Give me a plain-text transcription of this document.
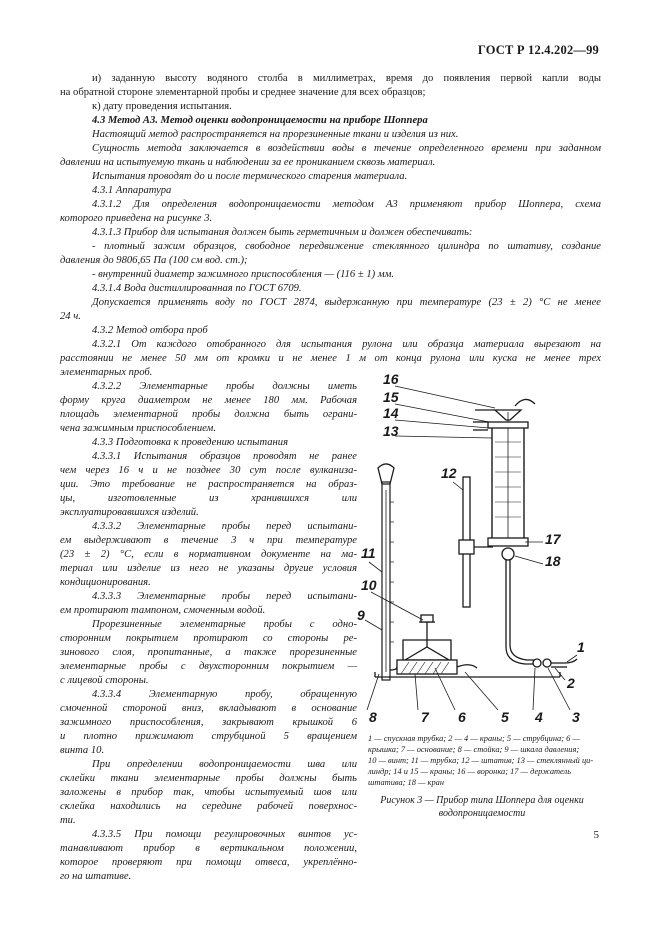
ГОСТ Р 12.4.202—99
и) заданную высоту водяного столба в миллиметрах, время до появления первой капли воды
на обратной стороне элементарной пробы и среднее значение для всех образцов;
к) дату проведения испытания.
4.3 Метод А3. Метод оценки водопроницаемости на приборе Шоппера
Настоящий метод распространяется на прорезиненные ткани и изделия из них.
Сущность метода заключается в воздействии воды в течение определенного времени при заданном
давлении на испытуемую ткань и наблюдении за ее прониканием сквозь материал.
Испытания проводят до и после термического старения материала.
4.3.1 Аппаратура
4.3.1.2 Для определения водопроницаемости методом А3 применяют прибор Шоппера, схема
которого приведена на рисунке 3.
4.3.1.3 Прибор для испытания должен быть герметичным и должен обеспечивать:
- плотный зажим образцов, свободное передвижение стеклянного цилиндра по штативу, создание
давления до 9806,65 Па (100 см вод. ст.);
- внутренний диаметр зажимного приспособления — (116 ± 1) мм.
4.3.1.4 Вода дистиллированная по ГОСТ 6709.
Допускается применять воду по ГОСТ 2874, выдержанную при температуре (23 ± 2) °С не менее
24 ч.
4.3.2 Метод отбора проб
4.3.2.1 От каждого отобранного для испытания рулона или образца материала вырезают на
расстоянии не менее 50 мм от кромки и не менее 1 м от конца рулона или куска не менее трех
элементарных проб.
4.3.2.2 Элементарные пробы должны иметь
форму круга диаметром не менее 180 мм. Рабочая
площадь элементарной пробы должна быть ограни-
чена зажимным приспособлением.
4.3.3 Подготовка к проведению испытания
4.3.3.1 Испытания образцов проводят не ранее
чем через 16 ч и не позднее 30 сут после вулканиза-
ции. Это требование не распространяется на образ-
цы, изготовленные из хранившихся или
эксплуатировавшихся изделий.
4.3.3.2 Элементарные пробы перед испытани-
ем выдерживают в течение 3 ч при температуре
(23 ± 2) °С, если в нормативном документе на ма-
териал или изделие из него не указаны другие условия
кондиционирования.
4.3.3.3 Элементарные пробы перед испытани-
ем протирают тампоном, смоченным водой.
Прорезиненные элементарные пробы с одно-
сторонним покрытием протирают со стороны ре-
зинового слоя, пропитанные, а также прорезиненные
элементарные пробы с двухсторонним покрытием —
с лицевой стороны.
4.3.3.4 Элементарную пробу, обращенную
смоченной стороной вниз, вкладывают в основание
зажимного приспособления, закрывают крышкой 6
и плотно прижимают струбциной 5 вращением
винта 10.
При определении водопроницаемости шва или
склейки ткани элементарные пробы должны быть
заложены в прибор так, чтобы испытуемый шов или
склейка находились на середине рабочей поверхнос-
ти.
4.3.3.5 При помощи регулировочных винтов ус-
танавливают прибор в вертикальном положении,
которое проверяют при помощи отвеса, укреплённо-
го на штативе.
16
15
14
13
12
17
18
11
10
9
1
2
8	7 6	5 4 3
1 — спускная трубка; 2 — 4 — краны; 5 — струбцина; 6 —
крышка; 7 — основание; 8 — стойка; 9 — шкала давления;
10 — винт; 11 — трубка; 12 — штатив; 13 — стеклянный ци-
линдр; 14 и 15 — краны; 16 — воронка; 17 — держатель
штатива; 18 — кран
Рисунок 3 — Прибор типа Шоппера для оценки водопроницаемости
5
